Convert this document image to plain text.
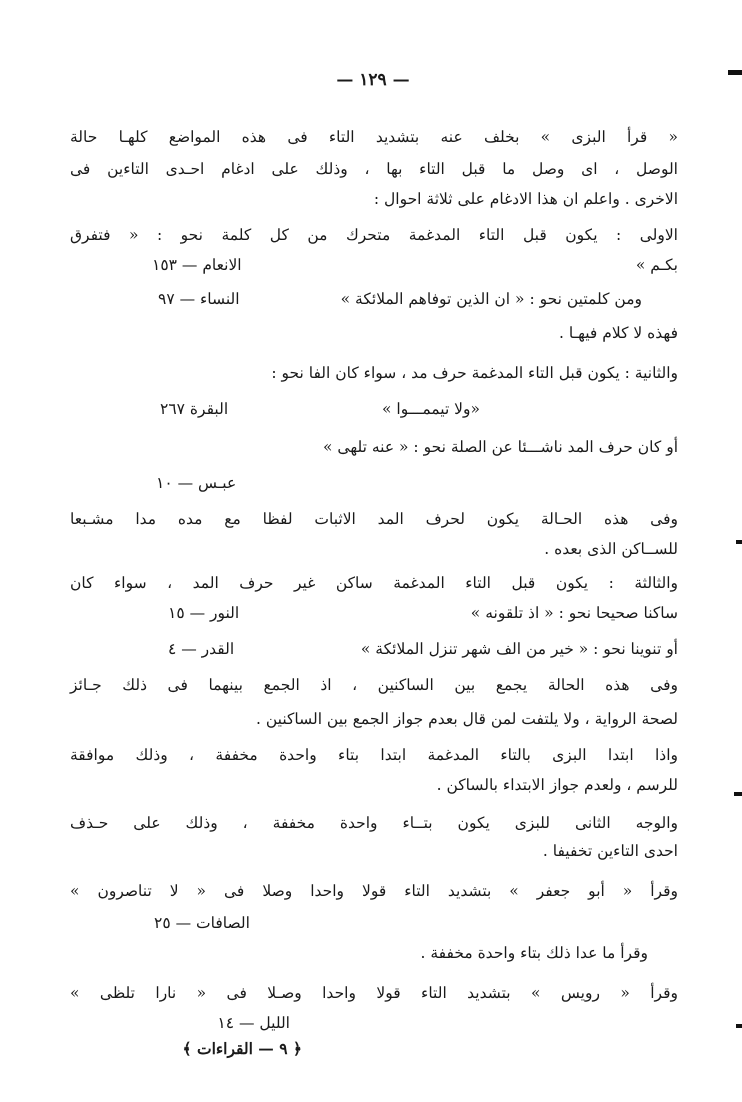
— ١٢٩ —
« قرأ البزى » بخلف عنه بتشديد التاء فى هذه المواضع كلهـا حالة
الوصل ، اى وصل ما قبل التاء بها ، وذلك على ادغام احـدى التاءين فى
الاخرى . واعلم ان هذا الادغام على ثلاثة احوال :
الاولى : يكون قبل التاء المدغمة متحرك من كل كلمة نحو : « فتفرق
بكـم »
الانعام — ١٥٣
ومن كلمتين نحو : « ان الذين توفاهم الملائكة »
النساء — ٩٧
فهذه لا كلام فيهـا .
والثانية : يكون قبل التاء المدغمة حرف مد ، سواء كان الفا نحو :
«ولا تيممـــوا »
البقرة ٢٦٧
أو كان حرف المد ناشـــئا عن الصلة نحو : « عنه تلهى »
عبـس — ١٠
وفى هذه الحـالة يكون لحرف المد الاثبات لفظا مع مده مدا مشـبعا
للســاكن الذى بعده .
والثالثة : يكون قبل التاء المدغمة ساكن غير حرف المد ، سواء كان
ساكنا صحيحا نحو : « اذ تلقونه »
النور — ١٥
أو تنوينا نحو : « خير من الف شهر تنزل الملائكة »
القدر — ٤
وفى هذه الحالة يجمع بين الساكنين ، اذ الجمع بينهما فى ذلك جـائز
لصحة الرواية ، ولا يلتفت لمن قال بعدم جواز الجمع بين الساكنين .
واذا ابتدا البزى بالتاء المدغمة ابتدا بتاء واحدة مخففة ، وذلك موافقة
للرسم ، ولعدم جواز الابتداء بالساكن .
والوجه الثانى للبزى يكون بتــاء واحدة مخففة ، وذلك على حـذف
احدى التاءين تخفيفا .
وقرأ « أبو جعفر » بتشديد التاء قولا واحدا وصلا فى « لا تناصرون »
الصافات — ٢٥
وقرأ ما عدا ذلك بتاء واحدة مخففة .
وقرأ « رويس » بتشديد التاء قولا واحدا وصـلا فى « نارا تلظى »
الليل — ١٤
﴿ ٩ — القراءات ﴾
